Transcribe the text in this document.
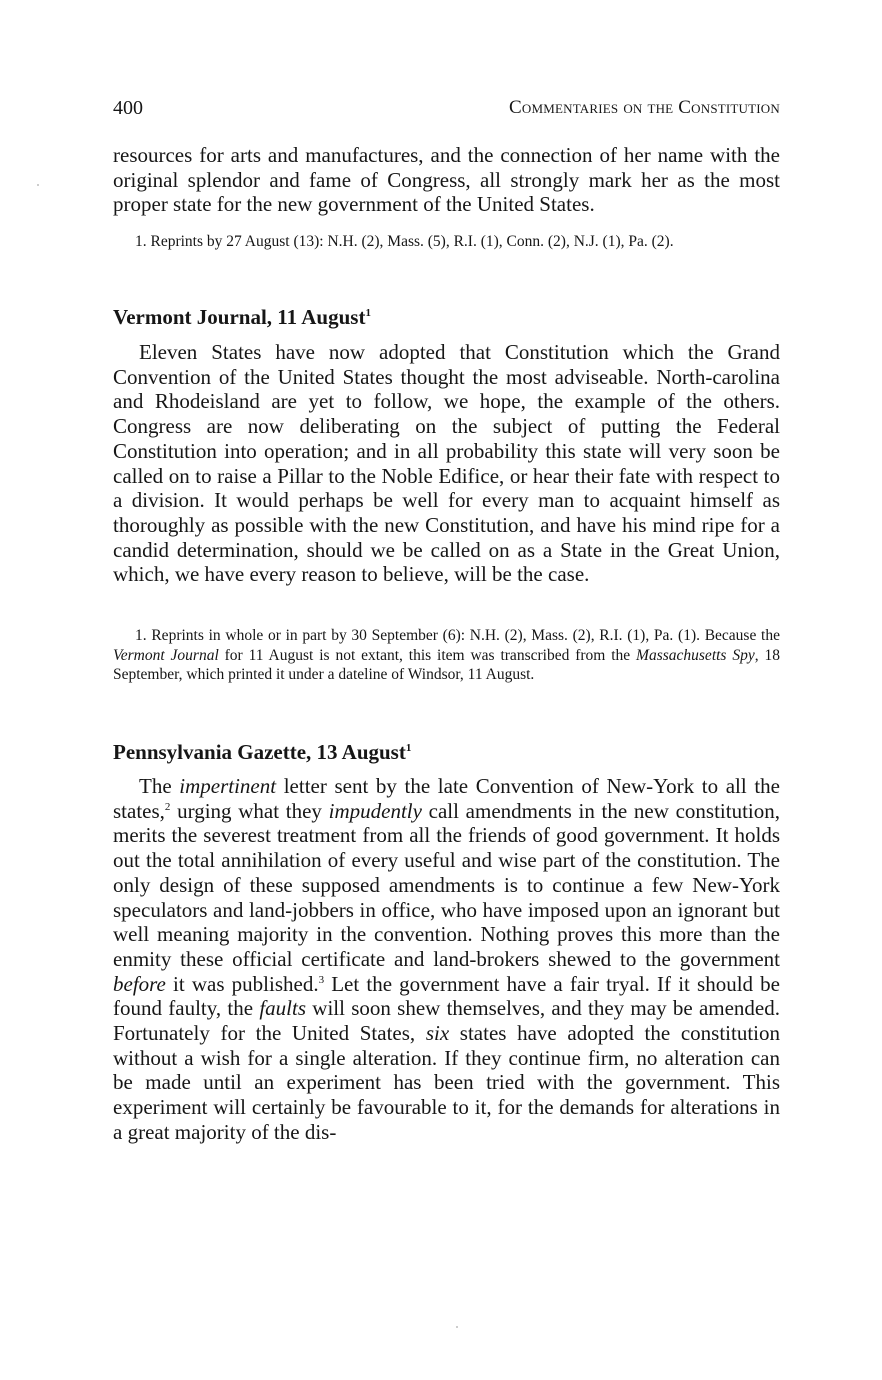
400	Commentaries on the Constitution

resources for arts and manufactures, and the connection of her name with the original splendor and fame of Congress, all strongly mark her as the most proper state for the new government of the United States.

1. Reprints by 27 August (13): N.H. (2), Mass. (5), R.I. (1), Conn. (2), N.J. (1), Pa. (2).

Vermont Journal, 11 August$^1$

Eleven States have now adopted that Constitution which the Grand Convention of the United States thought the most adviseable. North-carolina and Rhodeisland are yet to follow, we hope, the example of the others. Congress are now deliberating on the subject of putting the Federal Constitution into operation; and in all probability this state will very soon be called on to raise a Pillar to the Noble Edifice, or hear their fate with respect to a division. It would perhaps be well for every man to acquaint himself as thoroughly as possible with the new Constitution, and have his mind ripe for a candid determination, should we be called on as a State in the Great Union, which, we have every reason to believe, will be the case.

1. Reprints in whole or in part by 30 September (6): N.H. (2), Mass. (2), R.I. (1), Pa. (1). Because the Vermont Journal for 11 August is not extant, this item was transcribed from the Massachusetts Spy, 18 September, which printed it under a dateline of Windsor, 11 August.

Pennsylvania Gazette, 13 August$^1$

The impertinent letter sent by the late Convention of New-York to all the states,$^2$ urging what they impudently call amendments in the new constitution, merits the severest treatment from all the friends of good government. It holds out the total annihilation of every useful and wise part of the constitution. The only design of these supposed amendments is to continue a few New-York speculators and land-jobbers in office, who have imposed upon an ignorant but well meaning majority in the convention. Nothing proves this more than the enmity these official certificate and land-brokers shewed to the government before it was published.$^3$ Let the government have a fair tryal. If it should be found faulty, the faults will soon shew themselves, and they may be amended. Fortunately for the United States, six states have adopted the constitution without a wish for a single alteration. If they continue firm, no alteration can be made until an experiment has been tried with the government. This experiment will certainly be favourable to it, for the demands for alterations in a great majority of the dis-
